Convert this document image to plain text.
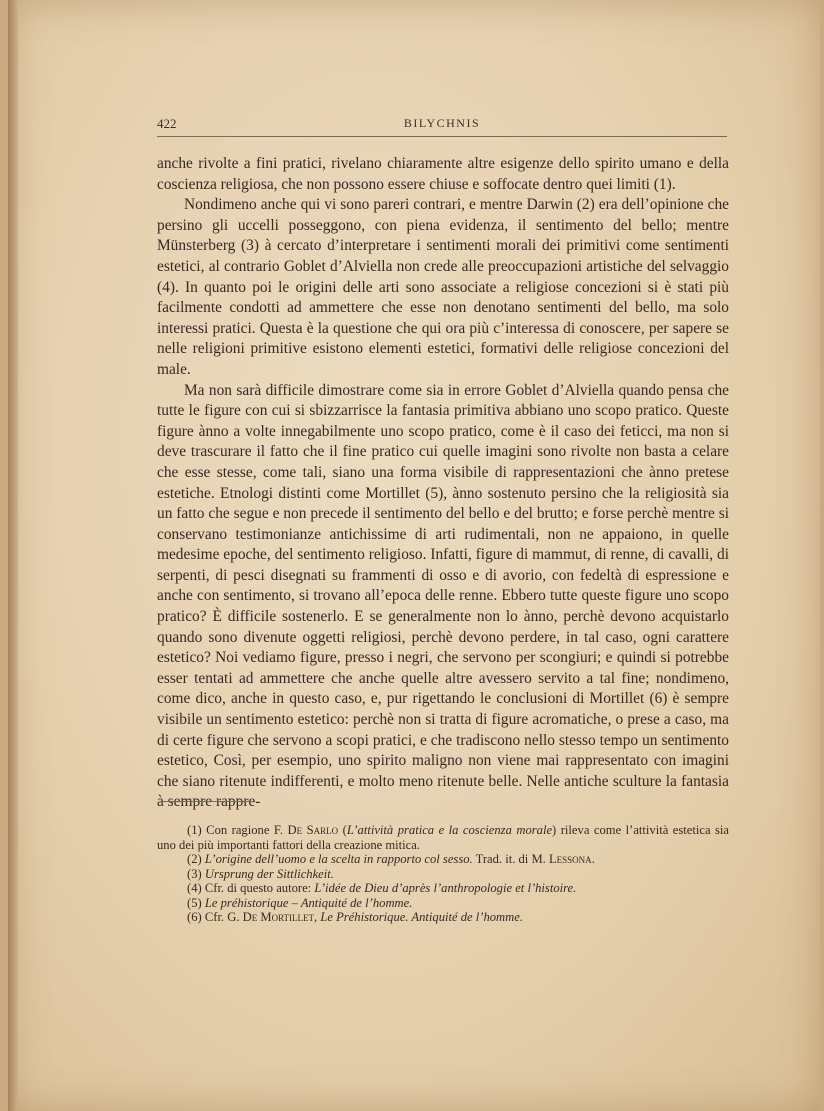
422	BILYCHNIS

anche rivolte a fini pratici, rivelano chiaramente altre esigenze dello spirito umano e della coscienza religiosa, che non possono essere chiuse e soffocate dentro quei limiti (1).

Nondimeno anche qui vi sono pareri contrari, e mentre Darwin (2) era dell’opinione che persino gli uccelli posseggono, con piena evidenza, il sentimento del bello; mentre Münsterberg (3) à cercato d’interpretare i sentimenti morali dei primitivi come sentimenti estetici, al contrario Goblet d’Alviella non crede alle preoccupazioni artistiche del selvaggio (4). In quanto poi le origini delle arti sono associate a religiose concezioni si è stati più facilmente condotti ad ammettere che esse non denotano sentimenti del bello, ma solo interessi pratici. Questa è la questione che qui ora più c’interessa di conoscere, per sapere se nelle religioni primitive esistono elementi estetici, formativi delle religiose concezioni del male.

Ma non sarà difficile dimostrare come sia in errore Goblet d’Alviella quando pensa che tutte le figure con cui si sbizzarrisce la fantasia primitiva abbiano uno scopo pratico. Queste figure ànno a volte innegabilmente uno scopo pratico, come è il caso dei feticci, ma non si deve trascurare il fatto che il fine pratico cui quelle imagini sono rivolte non basta a celare che esse stesse, come tali, siano una forma visibile di rappresentazioni che ànno pretese estetiche. Etnologi distinti come Mortillet (5), ànno sostenuto persino che la religiosità sia un fatto che segue e non precede il sentimento del bello e del brutto; e forse perchè mentre si conservano testimonianze antichissime di arti rudimentali, non ne appaiono, in quelle medesime epoche, del sentimento religioso. Infatti, figure di mammut, di renne, di cavalli, di serpenti, di pesci disegnati su frammenti di osso e di avorio, con fedeltà di espressione e anche con sentimento, si trovano all’epoca delle renne. Ebbero tutte queste figure uno scopo pratico? È difficile sostenerlo. E se generalmente non lo ànno, perchè devono acquistarlo quando sono divenute oggetti religiosi, perchè devono perdere, in tal caso, ogni carattere estetico? Noi vediamo figure, presso i negri, che servono per scongiuri; e quindi si potrebbe esser tentati ad ammettere che anche quelle altre avessero servito a tal fine; nondimeno, come dico, anche in questo caso, e, pur rigettando le conclusioni di Mortillet (6) è sempre visibile un sentimento estetico: perchè non si tratta di figure acromatiche, o prese a caso, ma di certe figure che servono a scopi pratici, e che tradiscono nello stesso tempo un sentimento estetico, Così, per esempio, uno spirito maligno non viene mai rappresentato con imagini che siano ritenute indifferenti, e molto meno ritenute belle. Nelle antiche sculture la fantasia à sempre rappre-

(1) Con ragione F. De Sarlo (L’attività pratica e la coscienza morale) rileva come l’attività estetica sia uno dei più importanti fattori della creazione mitica.

(2) L’origine dell’uomo e la scelta in rapporto col sesso. Trad. it. di M. Lessona.

(3) Ursprung der Sittlichkeit.

(4) Cfr. di questo autore: L’idée de Dieu d’après l’anthropologie et l’histoire.

(5) Le préhistorique – Antiquité de l’homme.

(6) Cfr. G. De Mortillet, Le Préhistorique. Antiquité de l’homme.
